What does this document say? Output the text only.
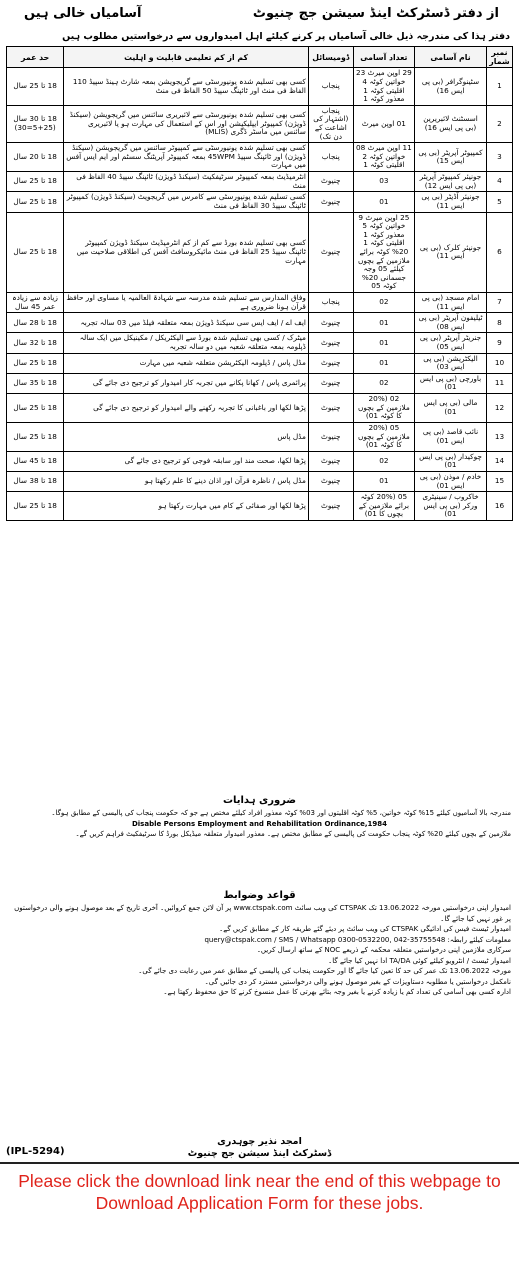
آسامیاں خالی ہیں	از دفتر ڈسٹرکٹ اینڈ سیشن جج چنیوٹ
دفتر ہذا کی مندرجہ ذیل خالی آسامیاں پر کرنے کیلئے اہل امیدواروں سے درخواستیں مطلوب ہیں
حد عمر	کم از کم تعلیمی قابلیت و اہلیت	ڈومیسائل	تعداد آسامی	نام آسامی	نمبر شمار
18 تا 25 سال	کسی بھی تسلیم شدہ یونیورسٹی سے گریجویشن بمعہ شارٹ ہینڈ سپیڈ 110 الفاظ فی منٹ اور ٹائپنگ سپیڈ 50 الفاظ فی منٹ	پنجاب	29 اوپن میرٹ 23 خواتین کوٹہ 4 اقلیتی کوٹہ 1 معذور کوٹہ 1	سٹینوگرافر (بی پی ایس 16)	1
18 تا 30 سال (25+5=30)	کسی بھی تسلیم شدہ یونیورسٹی سے لائبریری سائنس میں گریجویشن (سیکنڈ ڈویژن) کمپیوٹر ایپلیکیشن اور اس کے استعمال کی مہارت ہو یا لائبریری سائنس میں ماسٹر ڈگری (MLIS)	پنجاب (اشتہار کی اشاعت کے دن تک)	01 اوپن میرٹ	اسسٹنٹ لائبریرین (بی پی ایس 16)	2
18 تا 20 سال	کسی بھی تسلیم شدہ یونیورسٹی سے کمپیوٹر سائنس میں گریجویشن (سیکنڈ ڈویژن) اور ٹائپنگ سپیڈ 45WPM بمعہ کمپیوٹر آپریٹنگ سسٹم اور ایم ایس آفس میں مہارت	پنجاب	11 اوپن میرٹ 08 خواتین کوٹہ 2 اقلیتی کوٹہ 1	کمپیوٹر آپریٹر (بی پی ایس 15)	3
18 تا 25 سال	انٹرمیڈیٹ بمعہ کمپیوٹر سرٹیفکیٹ (سیکنڈ ڈویژن) ٹائپنگ سپیڈ 40 الفاظ فی منٹ	چنیوٹ	03	جونیئر کمپیوٹر آپریٹر (بی پی ایس 12)	4
18 تا 25 سال	کسی تسلیم شدہ یونیورسٹی سے کامرس میں گریجویٹ (سیکنڈ ڈویژن) کمپیوٹر ٹائپنگ سپیڈ 30 الفاظ فی منٹ	چنیوٹ	01	جونیئر آڈیٹر (بی پی ایس 11)	5
18 تا 25 سال	کسی بھی تسلیم شدہ بورڈ سے کم از کم انٹرمیڈیٹ سیکنڈ ڈویژن کمپیوٹر ٹائپنگ سپیڈ 25 الفاظ فی منٹ مائیکروسافٹ آفس کی اطلاقی صلاحیت میں مہارت	چنیوٹ	25 اوپن میرٹ 9 خواتین کوٹہ 5 معذور کوٹہ 1 اقلیتی کوٹہ 1 20% کوٹہ برائے ملازمین کے بچوں کیلئے 05 وجہ جسمانی 20% کوٹہ 05	جونیئر کلرک (بی پی ایس 11)	6
زیادہ سے زیادہ عمر 45 سال	وفاق المدارس سے تسلیم شدہ مدرسہ سے شہادۃ العالمیہ یا مساوی اور حافظ قرآن ہونا ضروری ہے	پنجاب	02	امام مسجد (بی پی ایس 11)	7
18 تا 28 سال	ایف اے / ایف ایس سی سیکنڈ ڈویژن بمعہ متعلقہ فیلڈ میں 03 سالہ تجربہ	چنیوٹ	01	ٹیلیفون آپریٹر (بی پی ایس 08)	8
18 تا 32 سال	میٹرک / کسی بھی تسلیم شدہ بورڈ سے الیکٹریکل / مکینیکل میں ایک سالہ ڈپلومہ بمعہ متعلقہ شعبہ میں دو سالہ تجربہ	چنیوٹ	01	جنریٹر آپریٹر (بی پی ایس 05)	9
18 تا 25 سال	مڈل پاس / ڈپلومہ الیکٹریشن متعلقہ شعبہ میں مہارت	چنیوٹ	01	الیکٹریشن (بی پی ایس 03)	10
18 تا 35 سال	پرائمری پاس / کھانا پکانے میں تجربہ کار امیدوار کو ترجیح دی جائے گی	چنیوٹ	02	باورچی (بی پی ایس 01)	11
18 تا 25 سال	پڑھا لکھا اور باغبانی کا تجربہ رکھنے والے امیدوار کو ترجیح دی جائے گی	چنیوٹ	02 (20% ملازمین کے بچوں کا کوٹہ 01)	مالی (بی پی ایس 01)	12
18 تا 25 سال	مڈل پاس	چنیوٹ	05 (20% ملازمین کے بچوں کا کوٹہ 01)	نائب قاصد (بی پی ایس 01)	13
18 تا 45 سال	پڑھا لکھا، صحت مند اور سابقہ فوجی کو ترجیح دی جائے گی	چنیوٹ	02	چوکیدار (بی پی ایس 01)	14
18 تا 38 سال	مڈل پاس / ناظرہ قرآن اور اذان دینے کا علم رکھتا ہو	چنیوٹ	01	خادم / موذن (بی پی ایس 01)	15
18 تا 25 سال	پڑھا لکھا اور صفائی کے کام میں مہارت رکھتا ہو	چنیوٹ	05 (20% کوٹہ برائے ملازمین کے بچوں کا 01)	خاکروب / سینیٹری ورکر (بی پی ایس 01)	16
ضروری ہدایات

مندرجہ بالا آسامیوں کیلئے 15% کوٹہ خواتین، 5% کوٹہ اقلیتوں اور 03% کوٹہ معذور افراد کیلئے مختص ہے جو کہ حکومت پنجاب کی پالیسی کے مطابق ہوگا۔

Disable Persons Employment and Rehabilitation Ordinance,1984

ملازمین کے بچوں کیلئے 20% کوٹہ پنجاب حکومت کی پالیسی کے مطابق مختص ہے۔ معذور امیدوار متعلقہ میڈیکل بورڈ کا سرٹیفکیٹ فراہم کریں گے۔

قواعد وضوابط

امیدوار اپنی درخواستیں مورخہ 13.06.2022 تک CTSPAK کی ویب سائٹ www.ctspak.com پر آن لائن جمع کروائیں۔ آخری تاریخ کے بعد موصول ہونے والی درخواستوں پر غور نہیں کیا جائے گا۔

امیدوار ٹیسٹ فیس کی ادائیگی CTSPAK کی ویب سائٹ پر دیئے گئے طریقہ کار کے مطابق کریں گے۔

معلومات کیلئے رابطہ: query@ctspak.com / SMS / Whatsapp 0300-0532200, 042-35755548

سرکاری ملازمین اپنی درخواستیں متعلقہ محکمہ کے ذریعے NOC کے ساتھ ارسال کریں۔

امیدوار ٹیسٹ / انٹرویو کیلئے کوئی TA/DA ادا نہیں کیا جائے گا۔

مورخہ 13.06.2022 تک عمر کی حد کا تعین کیا جائے گا اور حکومت پنجاب کی پالیسی کے مطابق عمر میں رعایت دی جائے گی۔

نامکمل درخواستیں یا مطلوبہ دستاویزات کے بغیر موصول ہونے والی درخواستیں مسترد کر دی جائیں گی۔

ادارہ کسی بھی آسامی کی تعداد کم یا زیادہ کرنے یا بغیر وجہ بتائے بھرتی کا عمل منسوخ کرنے کا حق محفوظ رکھتا ہے۔

امجد نذیر چوہدری
ڈسٹرکٹ اینڈ سیشن جج چنیوٹ
(IPL-5294)
Please click the download link near the end of this webpage to Download Application Form for these jobs.
